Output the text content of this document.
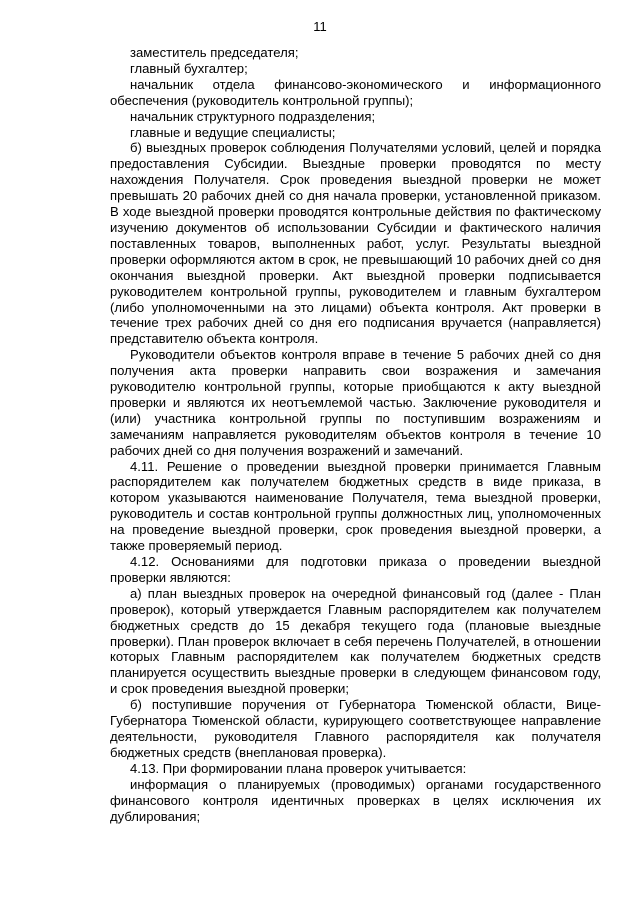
11

заместитель председателя;

главный бухгалтер;

начальник отдела финансово-экономического и информационного обеспечения (руководитель контрольной группы);

начальник структурного подразделения;

главные и ведущие специалисты;

б) выездных проверок соблюдения Получателями условий, целей и порядка предоставления Субсидии. Выездные проверки проводятся по месту нахождения Получателя. Срок проведения выездной проверки не может превышать 20 рабочих дней со дня начала проверки, установленной приказом. В ходе выездной проверки проводятся контрольные действия по фактическому изучению документов об использовании Субсидии и фактического наличия поставленных товаров, выполненных работ, услуг. Результаты выездной проверки оформляются актом в срок, не превышающий 10 рабочих дней со дня окончания выездной проверки. Акт выездной проверки подписывается руководителем контрольной группы, руководителем и главным бухгалтером (либо уполномоченными на это лицами) объекта контроля. Акт проверки в течение трех рабочих дней со дня его подписания вручается (направляется) представителю объекта контроля.

Руководители объектов контроля вправе в течение 5 рабочих дней со дня получения акта проверки направить свои возражения и замечания руководителю контрольной группы, которые приобщаются к акту выездной проверки и являются их неотъемлемой частью. Заключение руководителя и (или) участника контрольной группы по поступившим возражениям и замечаниям направляется руководителям объектов контроля в течение 10 рабочих дней со дня получения возражений и замечаний.

4.11. Решение о проведении выездной проверки принимается Главным распорядителем как получателем бюджетных средств в виде приказа, в котором указываются наименование Получателя, тема выездной проверки, руководитель и состав контрольной группы должностных лиц, уполномоченных на проведение выездной проверки, срок проведения выездной проверки, а также проверяемый период.

4.12. Основаниями для подготовки приказа о проведении выездной проверки являются:

а) план выездных проверок на очередной финансовый год (далее - План проверок), который утверждается Главным распорядителем как получателем бюджетных средств до 15 декабря текущего года (плановые выездные проверки). План проверок включает в себя перечень Получателей, в отношении которых Главным распорядителем как получателем бюджетных средств планируется осуществить выездные проверки в следующем финансовом году, и срок проведения выездной проверки;

б) поступившие поручения от Губернатора Тюменской области, Вице-Губернатора Тюменской области, курирующего соответствующее направление деятельности, руководителя Главного распорядителя как получателя бюджетных средств (внеплановая проверка).

4.13. При формировании плана проверок учитывается:

информация о планируемых (проводимых) органами государственного финансового контроля идентичных проверках в целях исключения их дублирования;
